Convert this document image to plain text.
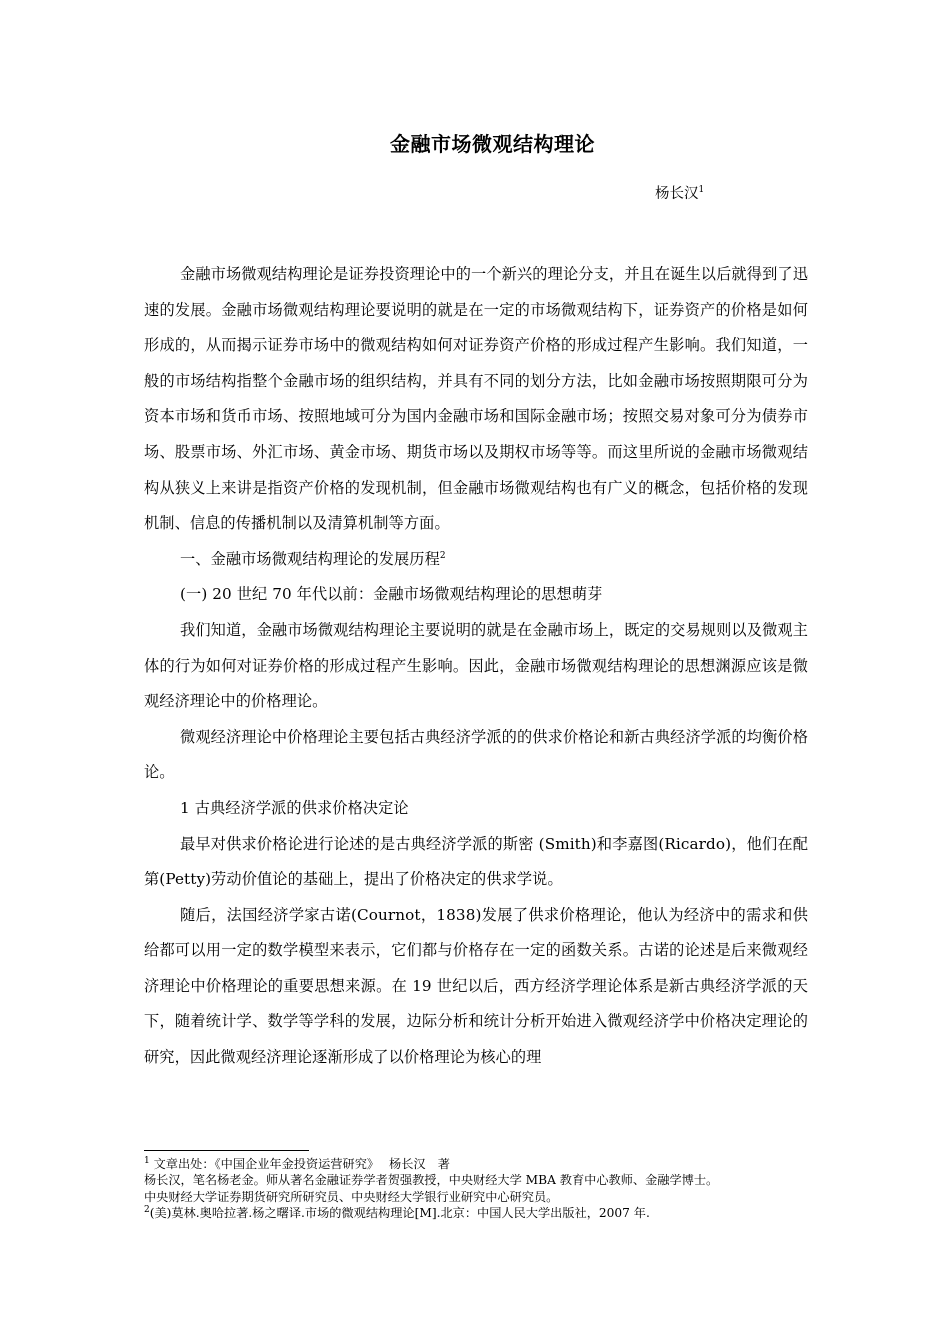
金融市场微观结构理论
杨长汉$^1$

金融市场微观结构理论是证券投资理论中的一个新兴的理论分支，并且在诞生以后就得到了迅速的发展。金融市场微观结构理论要说明的就是在一定的市场微观结构下，证券资产的价格是如何形成的，从而揭示证券市场中的微观结构如何对证券资产价格的形成过程产生影响。我们知道，一般的市场结构指整个金融市场的组织结构，并具有不同的划分方法，比如金融市场按照期限可分为资本市场和货币市场、按照地域可分为国内金融市场和国际金融市场；按照交易对象可分为债券市场、股票市场、外汇市场、黄金市场、期货市场以及期权市场等等。而这里所说的金融市场微观结构从狭义上来讲是指资产价格的发现机制，但金融市场微观结构也有广义的概念，包括价格的发现机制、信息的传播机制以及清算机制等方面。

一、金融市场微观结构理论的发展历程$^2$

(一) 20 世纪 70 年代以前：金融市场微观结构理论的思想萌芽

我们知道，金融市场微观结构理论主要说明的就是在金融市场上，既定的交易规则以及微观主体的行为如何对证券价格的形成过程产生影响。因此，金融市场微观结构理论的思想渊源应该是微观经济理论中的价格理论。

微观经济理论中价格理论主要包括古典经济学派的的供求价格论和新古典经济学派的均衡价格论。

1 古典经济学派的供求价格决定论

最早对供求价格论进行论述的是古典经济学派的斯密 (Smith)和李嘉图(Ricardo)，他们在配第(Petty)劳动价值论的基础上，提出了价格决定的供求学说。

随后，法国经济学家古诺(Cournot，1838)发展了供求价格理论，他认为经济中的需求和供给都可以用一定的数学模型来表示，它们都与价格存在一定的函数关系。古诺的论述是后来微观经济理论中价格理论的重要思想来源。在 19 世纪以后，西方经济学理论体系是新古典经济学派的天下，随着统计学、数学等学科的发展，边际分析和统计分析开始进入微观经济学中价格决定理论的研究，因此微观经济理论逐渐形成了以价格理论为核心的理

$^1$ 文章出处：《中国企业年金投资运营研究》　 杨长汉　著

杨长汉，笔名杨老金。师从著名金融证券学者贺强教授，中央财经大学 MBA 教育中心教师、金融学博士。

中央财经大学证券期货研究所研究员、中央财经大学银行业研究中心研究员。

$^2$(美)莫林.奥哈拉著.杨之曙译.市场的微观结构理论[M].北京：中国人民大学出版社，2007 年.
